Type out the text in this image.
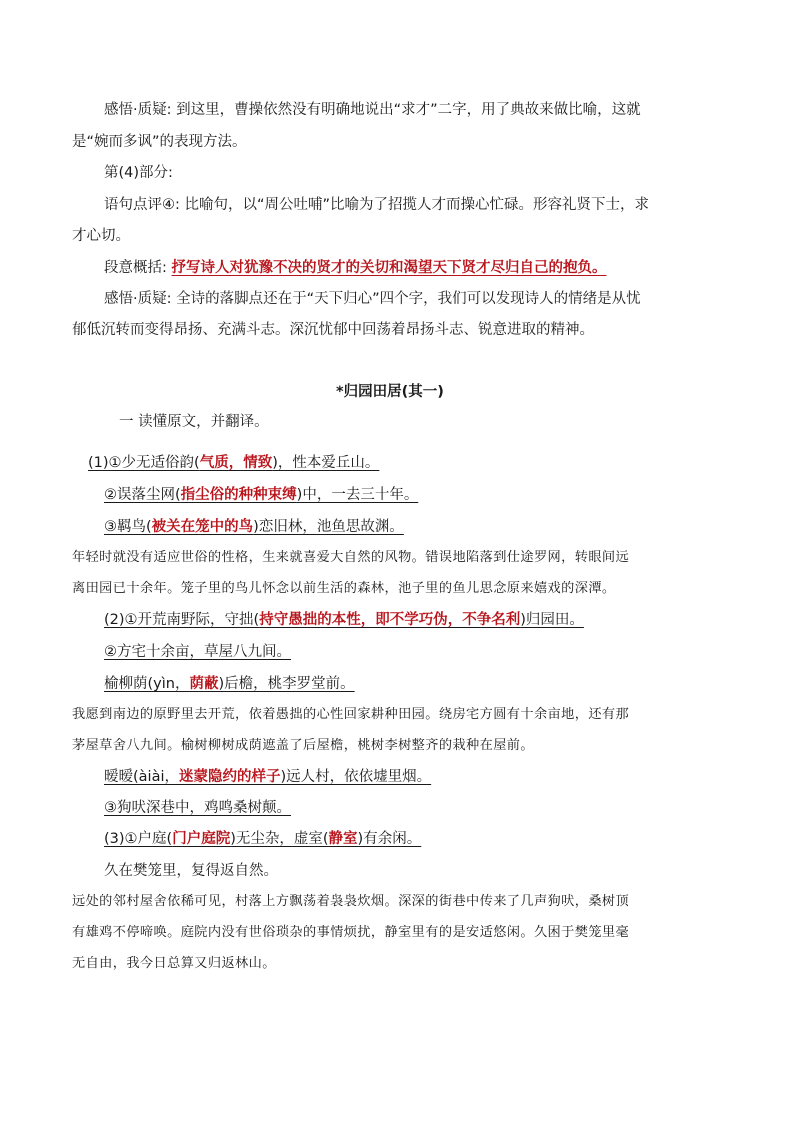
感悟·质疑: 到这里，曹操依然没有明确地说出“求才”二字，用了典故来做比喻，这就
是“婉而多讽”的表现方法。
第(4)部分:
语句点评④: 比喻句，以“周公吐哺”比喻为了招揽人才而操心忙碌。形容礼贤下士，求
才心切。
段意概括: 抒写诗人对犹豫不决的贤才的关切和渴望天下贤才尽归自己的抱负。
感悟·质疑: 全诗的落脚点还在于“天下归心”四个字，我们可以发现诗人的情绪是从忧
郁低沉转而变得昂扬、充满斗志。深沉忧郁中回荡着昂扬斗志、锐意进取的精神。
*归园田居(其一)
一 读懂原文，并翻译。
(1)①少无适俗韵(气质，情致)，性本爱丘山。
②误落尘网(指尘俗的种种束缚)中，一去三十年。
③羁鸟(被关在笼中的鸟)恋旧林，池鱼思故渊。
年轻时就没有适应世俗的性格，生来就喜爱大自然的风物。错误地陷落到仕途罗网，转眼间远
离田园已十余年。笼子里的鸟儿怀念以前生活的森林，池子里的鱼儿思念原来嬉戏的深潭。
(2)①开荒南野际，守拙(持守愚拙的本性，即不学巧伪，不争名利)归园田。
②方宅十余亩，草屋八九间。
榆柳荫(yìn，荫蔽)后檐，桃李罗堂前。
我愿到南边的原野里去开荒，依着愚拙的心性回家耕种田园。绕房宅方圆有十余亩地，还有那
茅屋草舍八九间。榆树柳树成荫遮盖了后屋檐，桃树李树整齐的栽种在屋前。
暧暧(àiài，迷蒙隐约的样子)远人村，依依墟里烟。
③狗吠深巷中，鸡鸣桑树颠。
(3)①户庭(门户庭院)无尘杂，虚室(静室)有余闲。
久在樊笼里，复得返自然。
远处的邻村屋舍依稀可见，村落上方飘荡着袅袅炊烟。深深的街巷中传来了几声狗吠，桑树顶
有雄鸡不停啼唤。庭院内没有世俗琐杂的事情烦扰，静室里有的是安适悠闲。久困于樊笼里毫
无自由，我今日总算又归返林山。
